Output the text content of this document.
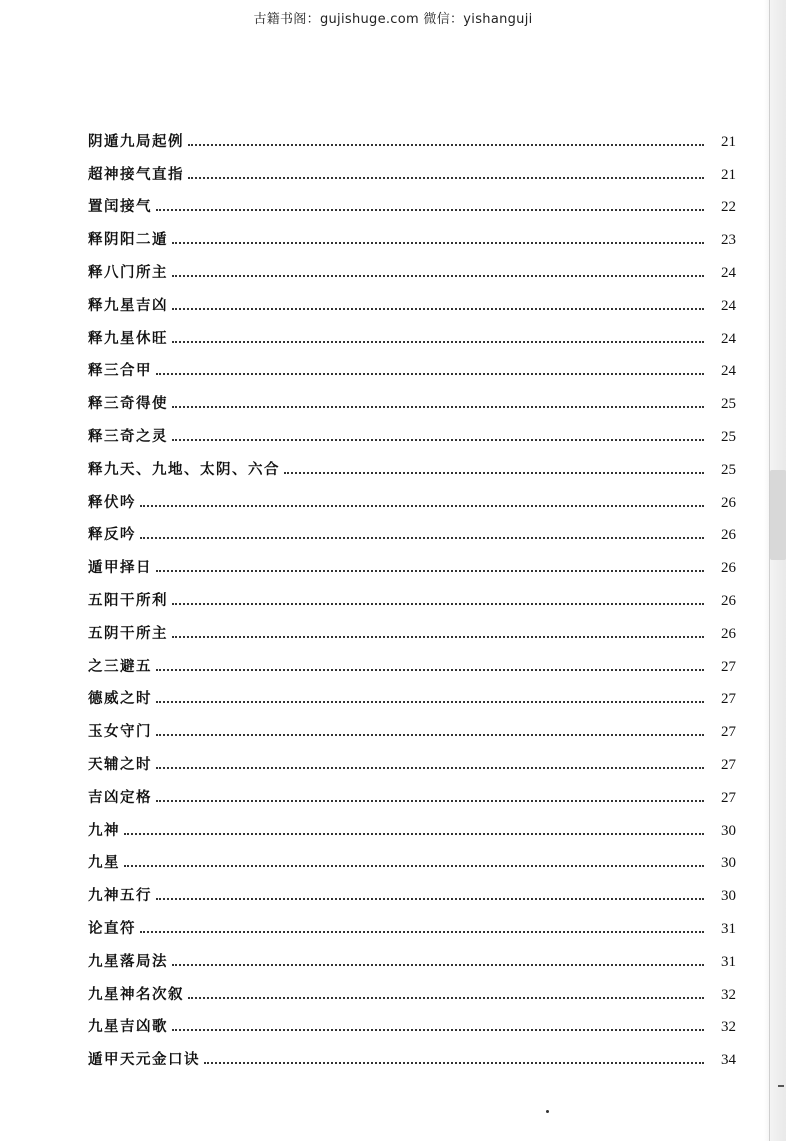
古籍书阁：gujishuge.com 微信：yishanguji
阴遁九局起例	21
超神接气直指	21
置闰接气	22
释阴阳二遁	23
释八门所主	24
释九星吉凶	24
释九星休旺	24
释三合甲	24
释三奇得使	25
释三奇之灵	25
释九天、九地、太阴、六合	25
释伏吟	26
释反吟	26
遁甲择日	26
五阳干所利	26
五阴干所主	26
之三避五	27
德威之时	27
玉女守门	27
天辅之时	27
吉凶定格	27
九神	30
九星	30
九神五行	30
论直符	31
九星落局法	31
九星神名次叙	32
九星吉凶歌	32
遁甲天元金口诀	34
